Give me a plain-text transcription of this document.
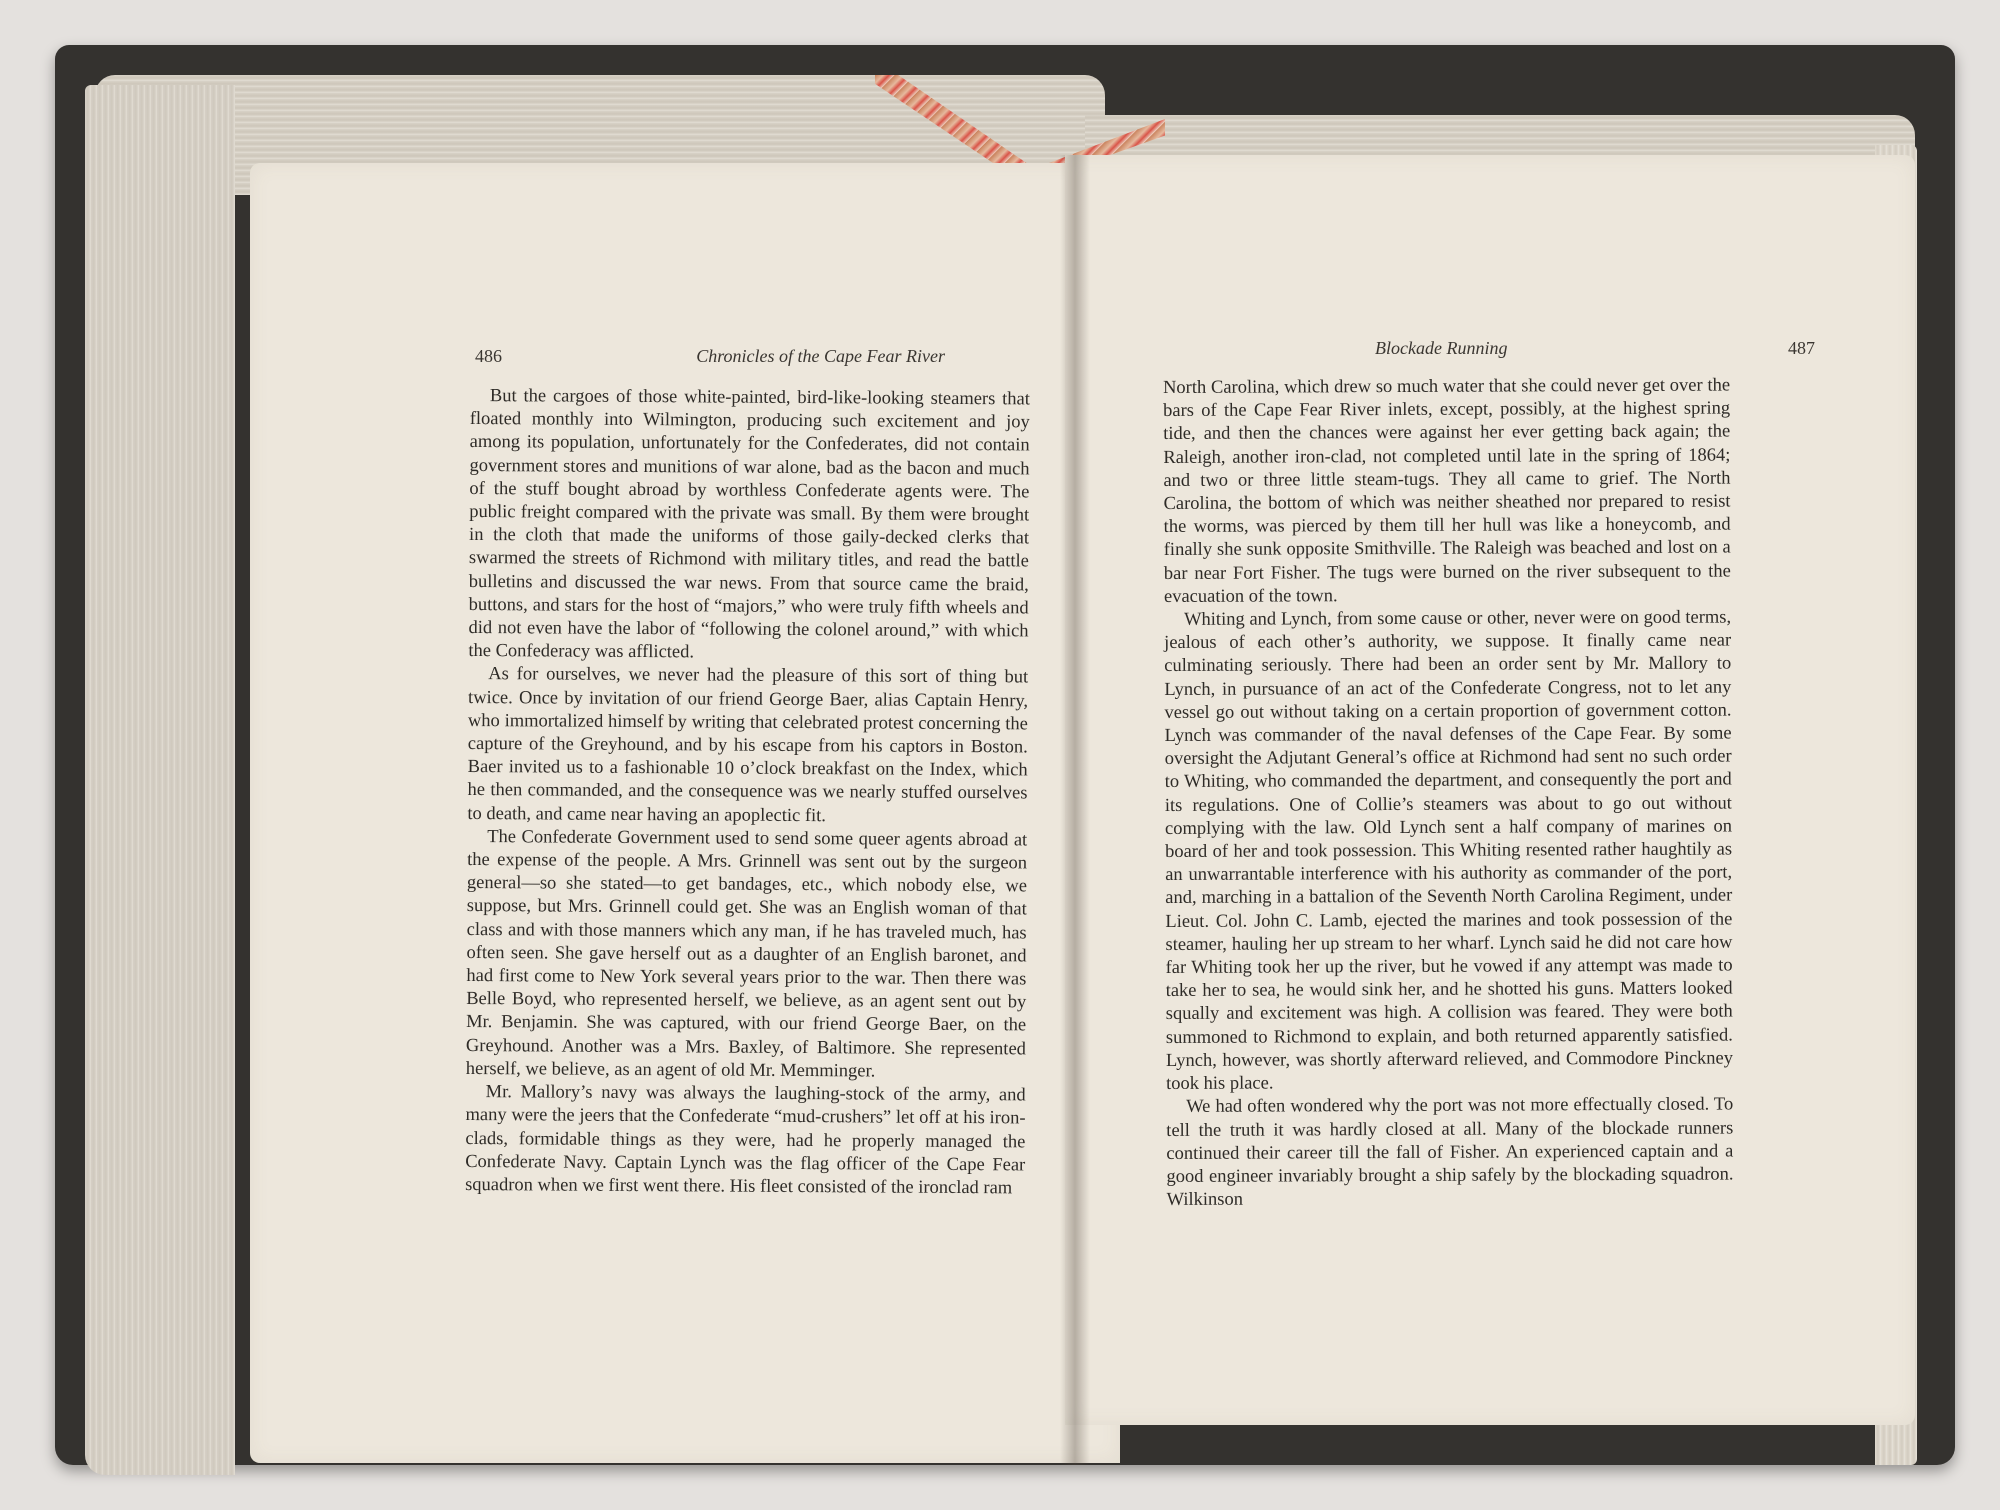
486	Chronicles of the Cape Fear River

But the cargoes of those white-painted, bird-like-looking steamers that floated monthly into Wilmington, producing such excitement and joy among its population, unfortunately for the Confederates, did not contain government stores and munitions of war alone, bad as the bacon and much of the stuff bought abroad by worthless Confederate agents were. The public freight compared with the private was small. By them were brought in the cloth that made the uniforms of those gaily-decked clerks that swarmed the streets of Richmond with military titles, and read the battle bulletins and discussed the war news. From that source came the braid, buttons, and stars for the host of “majors,” who were truly fifth wheels and did not even have the labor of “following the colonel around,” with which the Confederacy was afflicted.

As for ourselves, we never had the pleasure of this sort of thing but twice. Once by invitation of our friend George Baer, alias Captain Henry, who immortalized himself by writing that celebrated protest concerning the capture of the Greyhound, and by his escape from his captors in Boston. Baer invited us to a fashionable 10 o’clock breakfast on the Index, which he then commanded, and the consequence was we nearly stuffed ourselves to death, and came near having an apoplectic fit.

The Confederate Government used to send some queer agents abroad at the expense of the people. A Mrs. Grinnell was sent out by the surgeon general—so she stated—to get bandages, etc., which nobody else, we suppose, but Mrs. Grinnell could get. She was an English woman of that class and with those manners which any man, if he has traveled much, has often seen. She gave herself out as a daughter of an English baronet, and had first come to New York several years prior to the war. Then there was Belle Boyd, who represented herself, we believe, as an agent sent out by Mr. Benjamin. She was captured, with our friend George Baer, on the Greyhound. Another was a Mrs. Baxley, of Baltimore. She represented herself, we believe, as an agent of old Mr. Memminger.

Mr. Mallory’s navy was always the laughing-stock of the army, and many were the jeers that the Confederate “mud-crushers” let off at his iron-clads, formidable things as they were, had he properly managed the Confederate Navy. Captain Lynch was the flag officer of the Cape Fear squadron when we first went there. His fleet consisted of the ironclad ram

Blockade Running	487

North Carolina, which drew so much water that she could never get over the bars of the Cape Fear River inlets, except, possibly, at the highest spring tide, and then the chances were against her ever getting back again; the Raleigh, another iron-clad, not completed until late in the spring of 1864; and two or three little steam-tugs. They all came to grief. The North Carolina, the bottom of which was neither sheathed nor prepared to resist the worms, was pierced by them till her hull was like a honeycomb, and finally she sunk opposite Smithville. The Raleigh was beached and lost on a bar near Fort Fisher. The tugs were burned on the river subsequent to the evacuation of the town.

Whiting and Lynch, from some cause or other, never were on good terms, jealous of each other’s authority, we suppose. It finally came near culminating seriously. There had been an order sent by Mr. Mallory to Lynch, in pursuance of an act of the Confederate Congress, not to let any vessel go out without taking on a certain proportion of government cotton. Lynch was commander of the naval defenses of the Cape Fear. By some oversight the Adjutant General’s office at Richmond had sent no such order to Whiting, who commanded the department, and consequently the port and its regulations. One of Collie’s steamers was about to go out without complying with the law. Old Lynch sent a half company of marines on board of her and took possession. This Whiting resented rather haughtily as an unwarrantable interference with his authority as commander of the port, and, marching in a battalion of the Seventh North Carolina Regiment, under Lieut. Col. John C. Lamb, ejected the marines and took possession of the steamer, hauling her up stream to her wharf. Lynch said he did not care how far Whiting took her up the river, but he vowed if any attempt was made to take her to sea, he would sink her, and he shotted his guns. Matters looked squally and excitement was high. A collision was feared. They were both summoned to Richmond to explain, and both returned apparently satisfied. Lynch, however, was shortly afterward relieved, and Commodore Pinckney took his place.

We had often wondered why the port was not more effectually closed. To tell the truth it was hardly closed at all. Many of the blockade runners continued their career till the fall of Fisher. An experienced captain and a good engineer invariably brought a ship safely by the blockading squadron. Wilkinson
